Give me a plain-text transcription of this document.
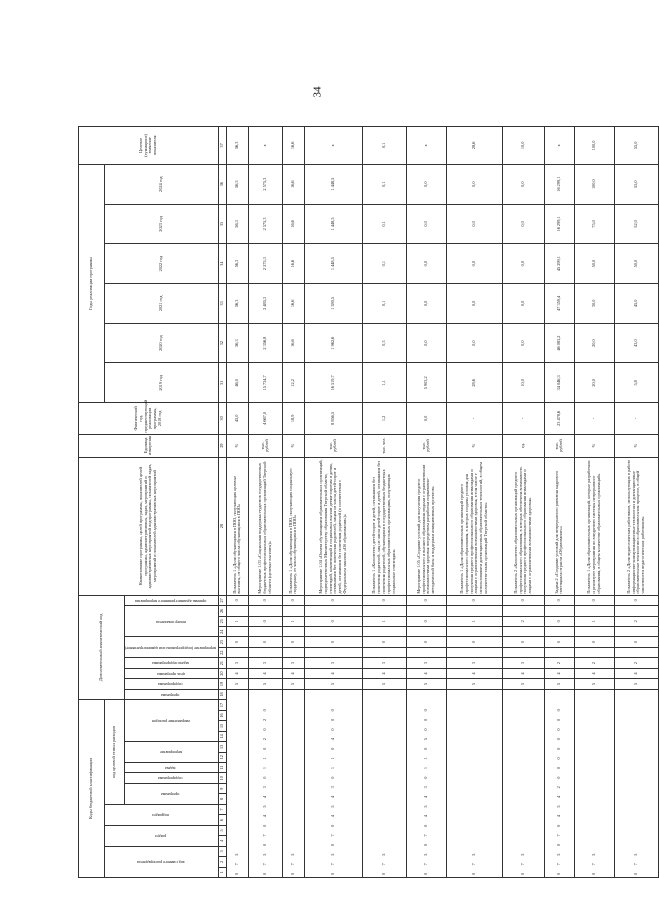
34
Коды бюджетной классификации																	Дополнительный аналитический код										Наименование программы, целей программы, показателей целей программы, административных, задач, мероприятий и административных мероприятий подпрограммы, показателей задач, мероприятий и показателей административных мероприятий	Единица измерения	Фактический год, предшествующий реализации программы, 2018 год	Годы реализации программы						Целевое (суммарное) значение показателя
код главного распорядителя			раздел		подраздел		код целевой статьи расходов																							2019 год	2020 год	2021 год	2022 год	2023 год	2024 год	
							программа		подпрограмма	задача	мероприятие		направление расходов				программа	подпрограмма	цель программы	задача подпрограммы	мероприятие (подпрограммы или административное)		номер показателя			признак административного мероприятия										
1	2	3	4	5	6	7	8	9	10	11	12	13	14	15	16	17	18	19	20	21	22	23	24	25	26	27	28	29	30	31	32	33	34	35	36	37
0 7 5																		5	4	3		0		1		0	Показатель 1 «Доля обучающихся в ПОО, получающих целевые выплаты, от общего числа обучающихся в ПОО»	%	45,0	46,0	56,3	56,3	56,3	56,3	56,3	56,3
0 7 5 0 7 0 4 5 4 3 0 1 1 0 2 0 2 0																		5	4	3		0		0		0	Мероприятие 1.03 «Социальная поддержка студентов государственных бюджетных профессиональных образовательных организаций Тверской области (целевые выплаты)»	тыс. рублей	4 667,0	15 734,7	2 356,8	2 485,3	2 575,3	2 575,3	2 575,3	х
0 7 5																		5	4	3		0		1		0	Показатель 1 «Доля обучающихся в ПОО, получающих социальную поддержку, от числа обучающихся в ПОО»	%	18,9	12,2	16,6	16,6	16,6	16,6	16,6	16,6
0 7 5 0 7 0 4 5 4 3 0 1 1 0 4 0 0 0																		5	4	3		0		0		0	Мероприятие 1.04 «Оплата обучающимся образовательных организаций, подведомственных Министерству образования Тверской области, стипендий, компенсаций и социальных выплат детям-сиротам и детям, оставшимся без попечения родителей, лицам из числа детей-сирот и детей, оставшихся без попечения родителей (в соответствии с Федеральным законом «Об образовании»)»	тыс. рублей	8 856,5	16 519,7	1 962,6	1 380,5	1 448,5	1 448,5	1 448,5	х
0 7 5																		5	4	3		0		1		0	Показатель 1 «Количество детей-сирот и детей, оставшихся без попечения родителей, лиц из числа детей-сирот и детей, оставшихся без попечения родителей, обучающихся в государственных бюджетных профессиональных образовательных организациях, получающих социальные стипендии»	тыс. чел.	1,2	1,1	0,3	0,1	0,1	0,1	0,1	0,1
0 7 5 0 7 0 4 5 4 3 0 1 1 0 5 0 0 0																		5	4	3		0		0		0	Мероприятие 1.05 «Создание условий для получения среднего профессионального и высшего образования людьми с ограниченными возможностями здоровья посредством разработки нормативно-методической базы и поддержки инициативных проектов»	тыс. рублей	0,0	5 903,2	0,0	0,0	0,0	0,0	0,0	х
0 7 5																		5	4	3		0		1		0	Показатель 1 «Доля образовательных организаций среднего профессионального образования, в которых созданы условия для получения среднего профессионального образования инвалидами и лицами с ограниченными возможностями здоровья, в том числе с использованием дистанционных образовательных технологий, в общем количестве таких организаций Тверской области»	%	-	28,6	0,0	0,0	0,0	0,0	0,0	28,6
0 7 5																		5	4	3		0		2		0	Показатель 2 «Количество образовательных организаций среднего профессионального образования, в которых обеспечена возможность получения среднего профессионального образования инвалидами и лицами с ограниченными возможностями здоровья»	ед.	-	10,0	0,0	0,0	0,0	0,0	0,0	10,0
0 7 5 0 7 0 4 5 4 2 0 0 0 0 0 0 0 0																		5	4	2		0		0		0	Задача 2 «Создание условий для непрерывного развития кадрового потенциала отрасли «Образование»»	тыс. рублей	23 478,6	34 046,3	46 083,2	47 359,4	45 299,1	16 299,1	16 299,1	х
0 7 5																		5	4	2		0		1		0	Показатель 1 «Доля образовательных организаций, которые разработали и реализуют мероприятия по внедрению системы непрерывного образования, в общем количестве образовательных организаций»	%	-	20,0	20,0	30,0	50,0	75,0	100,0	100,0
0 7 5																		5	4	2		0		2		0	Показатель 2 «Доля педагогических работников, использующих в работе информационно-коммуникационные технологии и дистанционные образовательные технологии в образовательном процессе, в общей численности педагогических работников»	%	-	5,8	43,0	45,0	50,0	52,0	55,0	55,0
